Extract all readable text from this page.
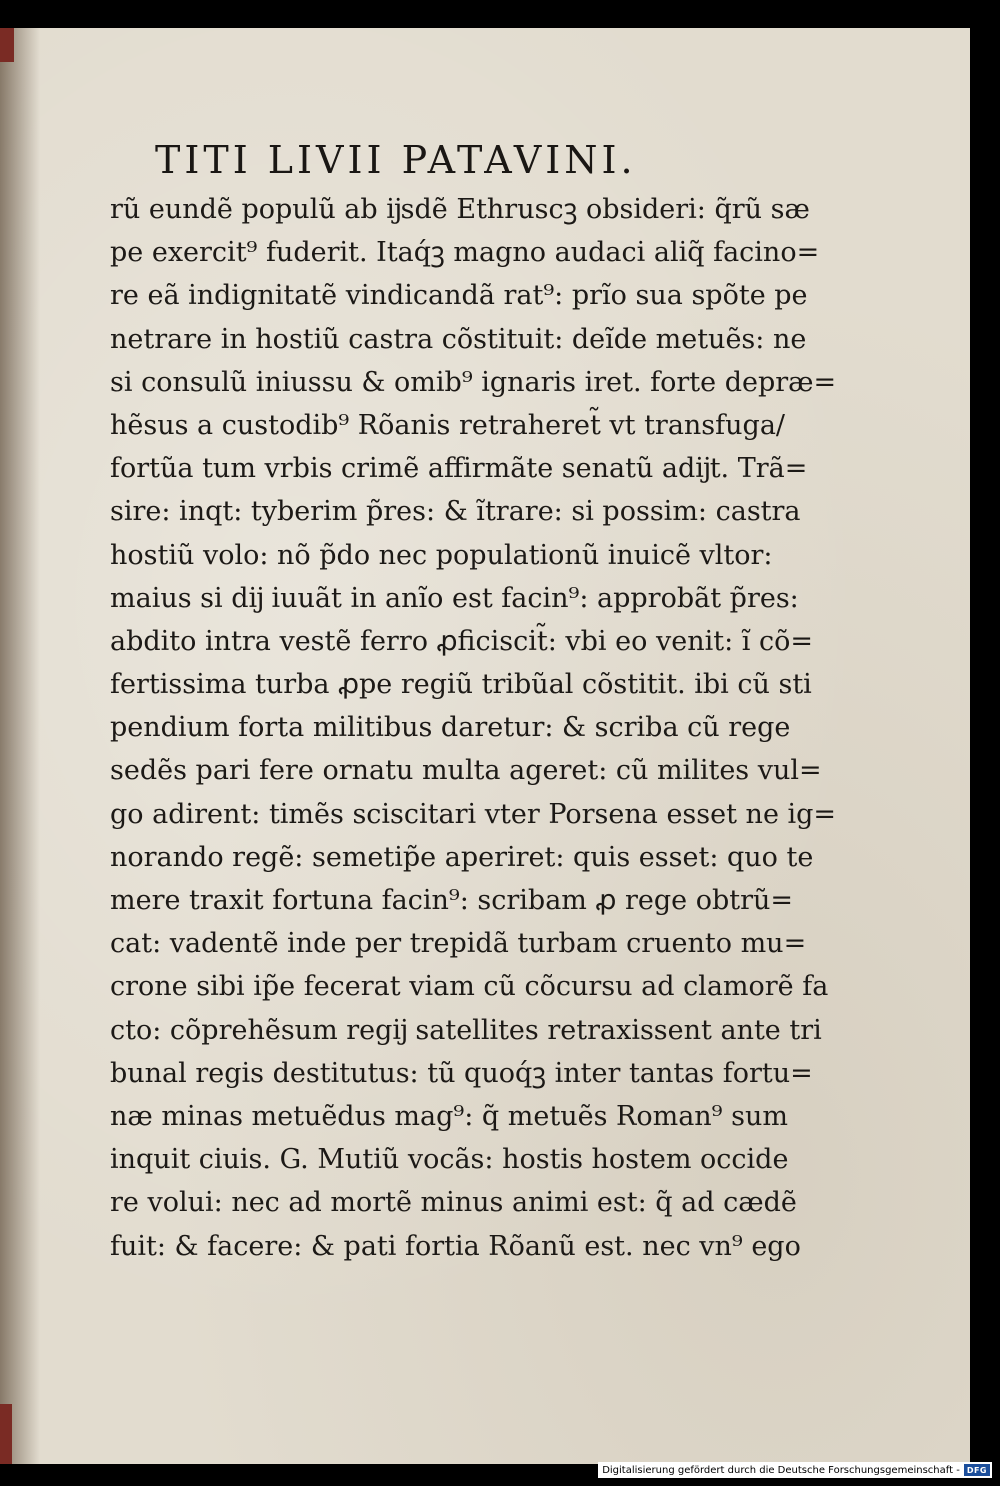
TITI LIVII PATAVINI.
rũ eundẽ populũ ab ĳsdẽ Ethruscꝫ obsideri: q̃rũ sæ
pe exercit⁹ fuderit. Itaq́ꝫ magno audaci aliq̃ facino=
re eã indignitatẽ vindicandã rat⁹: prĩo sua spõte pe
netrare in hostiũ castra cõstituit: deĩde metuẽs: ne
si consulũ iniussu & omib⁹ ignaris iret. forte depræ=
hẽsus a custodib⁹ Rõanis retraheret̃ vt transfuga/
fortũa tum vrbis crimẽ affirmãte senatũ adĳt. Trã=
sire: inqt: tyberim p̃res: & ĩtrare: si possim: castra
hostiũ volo: nõ p̃do nec populationũ inuicẽ vltor:
maius si dĳ iuuãt in anĩo est facin⁹: approbãt p̃res:
abdito intra vestẽ ferro ꝓficiscit̃: vbi eo venit: ĩ cõ=
fertissima turba ꝓpe regiũ tribũal cõstitit. ibi cũ sti
pendium forta militibus daretur: & scriba cũ rege
sedẽs pari fere ornatu multa ageret: cũ milites vul=
go adirent: timẽs sciscitari vter Porsena esset ne ig=
norando regẽ: semetip̃e aperiret: quis esset: quo te
mere traxit fortuna facin⁹: scribam ꝓ rege obtrũ=
cat: vadentẽ inde per trepidã turbam cruento mu=
crone sibi ip̃e fecerat viam cũ cõcursu ad clamorẽ fa
cto: cõprehẽsum regĳ satellites retraxissent ante tri
bunal regis destitutus: tũ quoq́ꝫ inter tantas fortu=
næ minas metuẽdus mag⁹: q̃ metuẽs Roman⁹ sum
inquit ciuis. G. Mutiũ vocãs: hostis hostem occide
re volui: nec ad mortẽ minus animi est: q̃ ad cædẽ
fuit: & facere: & pati fortia Rõanũ est. nec vn⁹ ego
Digitalisierung gefördert durch die Deutsche Forschungsgemeinschaft - DFG
